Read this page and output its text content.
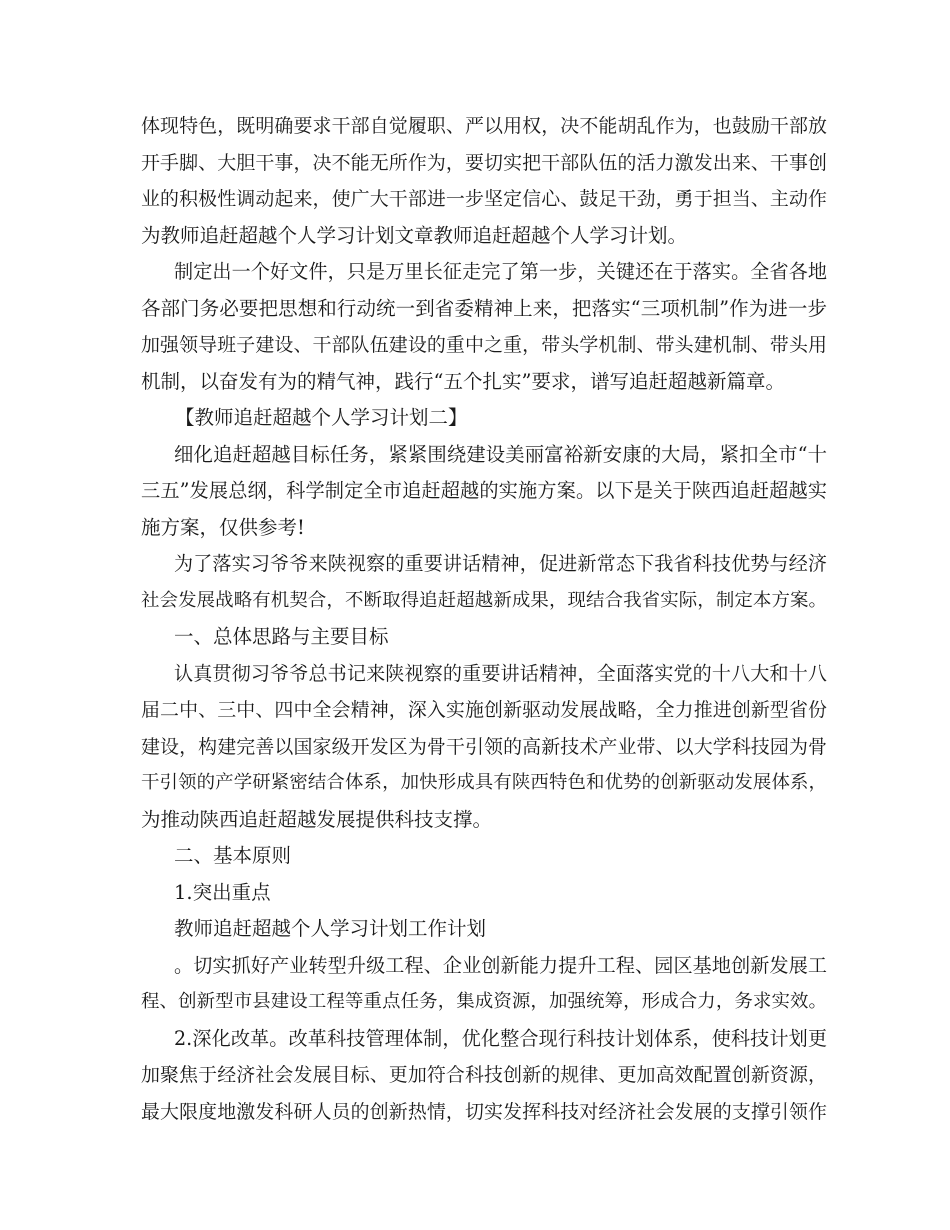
体现特色，既明确要求干部自觉履职、严以用权，决不能胡乱作为，也鼓励干部放
开手脚、大胆干事，决不能无所作为，要切实把干部队伍的活力激发出来、干事创
业的积极性调动起来，使广大干部进一步坚定信心、鼓足干劲，勇于担当、主动作
为教师追赶超越个人学习计划文章教师追赶超越个人学习计划。
制定出一个好文件，只是万里长征走完了第一步，关键还在于落实。全省各地
各部门务必要把思想和行动统一到省委精神上来，把落实“三项机制”作为进一步
加强领导班子建设、干部队伍建设的重中之重，带头学机制、带头建机制、带头用
机制，以奋发有为的精气神，践行“五个扎实”要求，谱写追赶超越新篇章。
【教师追赶超越个人学习计划二】
细化追赶超越目标任务，紧紧围绕建设美丽富裕新安康的大局，紧扣全市“十
三五”发展总纲，科学制定全市追赶超越的实施方案。以下是关于陕西追赶超越实
施方案，仅供参考!
为了落实习爷爷来陕视察的重要讲话精神，促进新常态下我省科技优势与经济
社会发展战略有机契合，不断取得追赶超越新成果，现结合我省实际，制定本方案。
一、总体思路与主要目标
认真贯彻习爷爷总书记来陕视察的重要讲话精神，全面落实党的十八大和十八
届二中、三中、四中全会精神，深入实施创新驱动发展战略，全力推进创新型省份
建设，构建完善以国家级开发区为骨干引领的高新技术产业带、以大学科技园为骨
干引领的产学研紧密结合体系，加快形成具有陕西特色和优势的创新驱动发展体系，
为推动陕西追赶超越发展提供科技支撑。
二、基本原则
1.突出重点
教师追赶超越个人学习计划工作计划
。切实抓好产业转型升级工程、企业创新能力提升工程、园区基地创新发展工
程、创新型市县建设工程等重点任务，集成资源，加强统筹，形成合力，务求实效。
2.深化改革。改革科技管理体制，优化整合现行科技计划体系，使科技计划更
加聚焦于经济社会发展目标、更加符合科技创新的规律、更加高效配置创新资源，
最大限度地激发科研人员的创新热情，切实发挥科技对经济社会发展的支撑引领作
